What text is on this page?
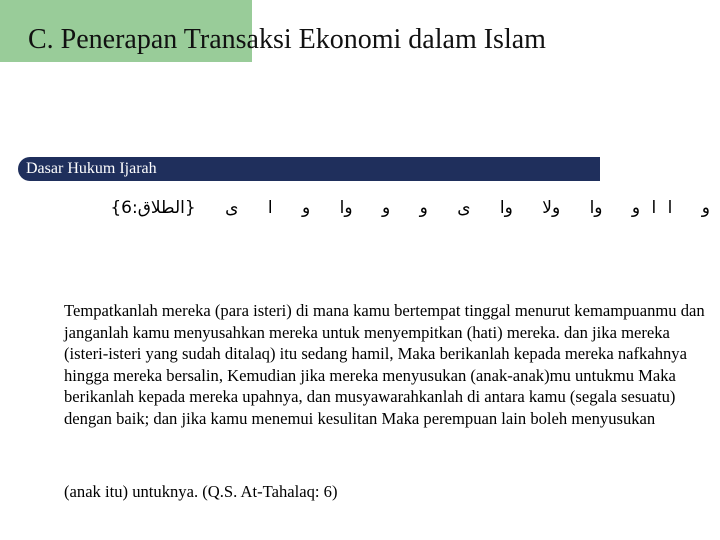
C. Penerapan Transaksi Ekonomi dalam Islam
Dasar Hukum Ijarah
و ا ا و وا ولا وا ى و و وا و ا ى {الطلاق:6}
Tempatkanlah mereka (para isteri) di mana kamu bertempat tinggal menurut kemampuanmu dan janganlah kamu menyusahkan mereka untuk menyempitkan (hati) mereka. dan jika mereka (isteri-isteri yang sudah ditalaq) itu sedang hamil, Maka berikanlah kepada mereka nafkahnya hingga mereka bersalin, Kemudian jika mereka menyusukan (anak-anak)mu untukmu Maka berikanlah kepada mereka upahnya, dan musyawarahkanlah di antara kamu (segala sesuatu) dengan baik; dan jika kamu menemui kesulitan Maka perempuan lain boleh menyusukan
(anak itu) untuknya. (Q.S. At-Tahalaq: 6)
